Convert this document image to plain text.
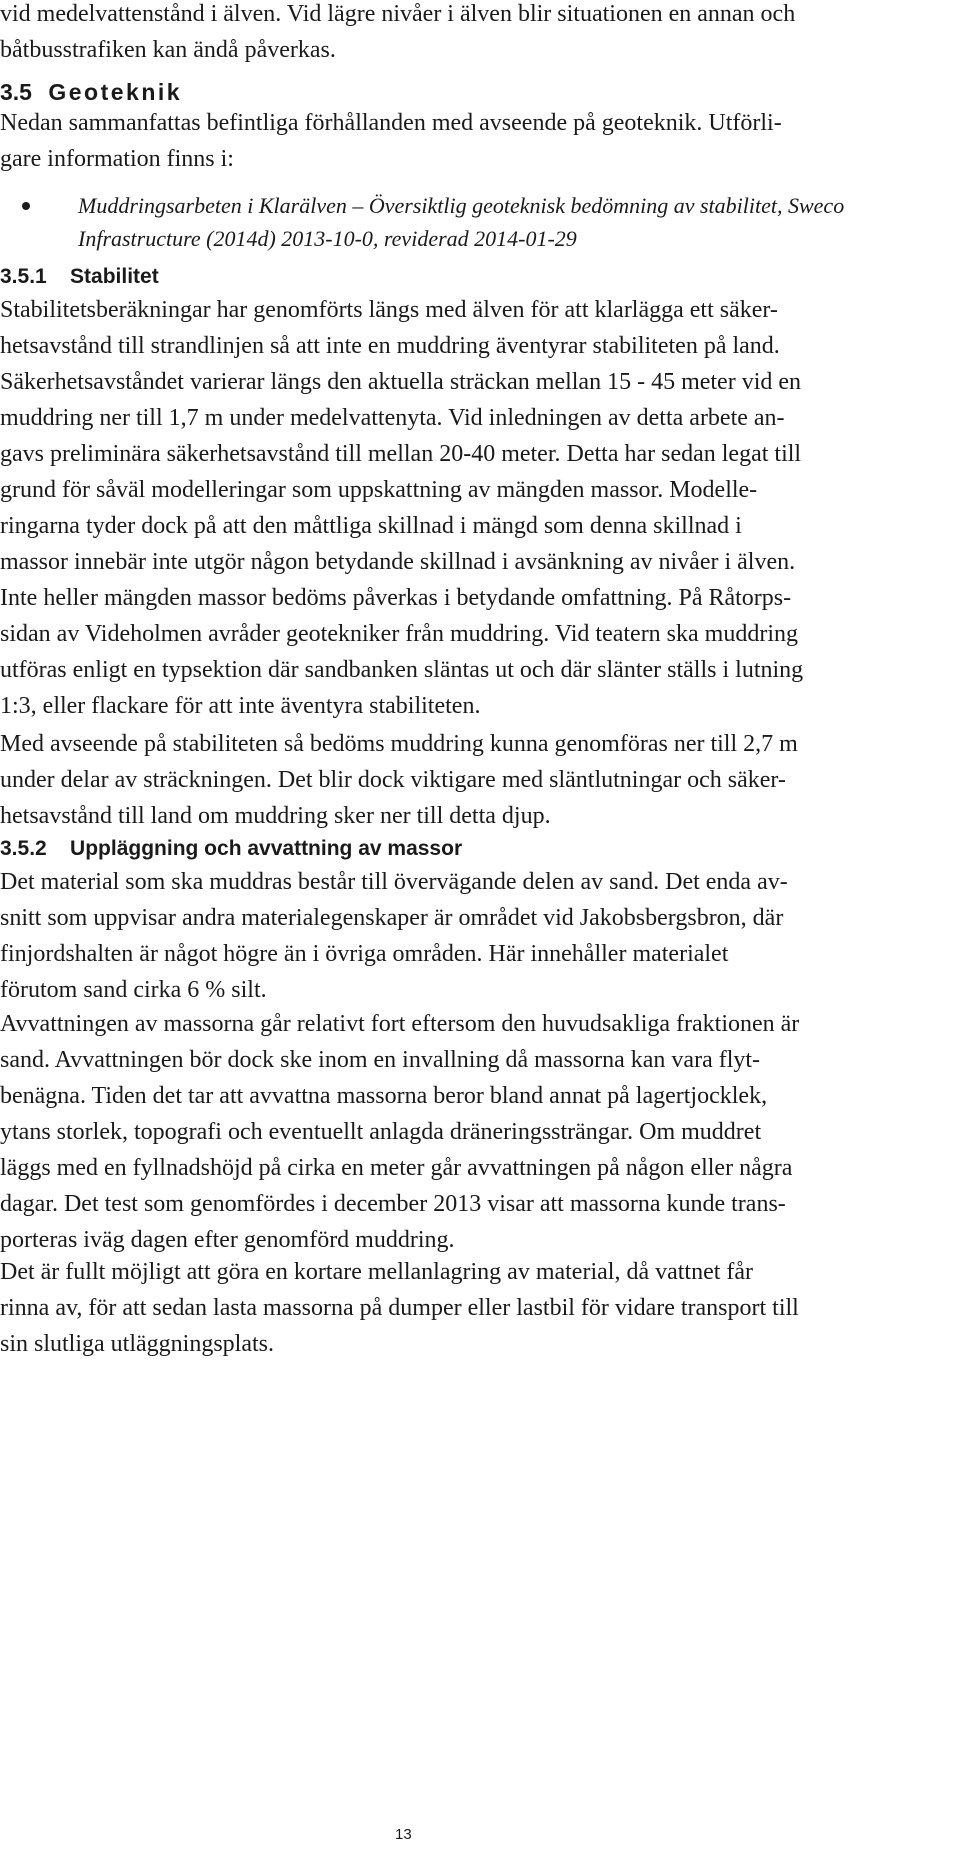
vid medelvattenstånd i älven. Vid lägre nivåer i älven blir situationen en annan och
båtbusstrafiken kan ändå påverkas.
3.5 Geoteknik
Nedan sammanfattas befintliga förhållanden med avseende på geoteknik. Utförli-
gare information finns i:
Muddringsarbeten i Klarälven – Översiktlig geoteknisk bedömning av stabilitet, Sweco
Infrastructure (2014d) 2013-10-0, reviderad 2014-01-29
3.5.1    Stabilitet
Stabilitetsberäkningar har genomförts längs med älven för att klarlägga ett säker-
hetsavstånd till strandlinjen så att inte en muddring äventyrar stabiliteten på land.
Säkerhetsavståndet varierar längs den aktuella sträckan mellan 15 - 45 meter vid en
muddring ner till 1,7 m under medelvattenyta. Vid inledningen av detta arbete an-
gavs preliminära säkerhetsavstånd till mellan 20-40 meter. Detta har sedan legat till
grund för såväl modelleringar som uppskattning av mängden massor. Modelle-
ringarna tyder dock på att den måttliga skillnad i mängd som denna skillnad i
massor innebär inte utgör någon betydande skillnad i avsänkning av nivåer i älven.
Inte heller mängden massor bedöms påverkas i betydande omfattning. På Råtorps-
sidan av Videholmen avråder geotekniker från muddring. Vid teatern ska muddring
utföras enligt en typsektion där sandbanken släntas ut och där slänter ställs i lutning
1:3, eller flackare för att inte äventyra stabiliteten.
Med avseende på stabiliteten så bedöms muddring kunna genomföras ner till 2,7 m
under delar av sträckningen. Det blir dock viktigare med släntlutningar och säker-
hetsavstånd till land om muddring sker ner till detta djup.
3.5.2    Uppläggning och avvattning av massor
Det material som ska muddras består till övervägande delen av sand. Det enda av-
snitt som uppvisar andra materialegenskaper är området vid Jakobsbergsbron, där
finjordshalten är något högre än i övriga områden. Här innehåller materialet
förutom sand cirka 6 % silt.
Avvattningen av massorna går relativt fort eftersom den huvudsakliga fraktionen är
sand. Avvattningen bör dock ske inom en invallning då massorna kan vara flyt-
benägna. Tiden det tar att avvattna massorna beror bland annat på lagertjocklek,
ytans storlek, topografi och eventuellt anlagda dräneringssträngar. Om muddret
läggs med en fyllnadshöjd på cirka en meter går avvattningen på någon eller några
dagar. Det test som genomfördes i december 2013 visar att massorna kunde trans-
porteras iväg dagen efter genomförd muddring.
Det är fullt möjligt att göra en kortare mellanlagring av material, då vattnet får
rinna av, för att sedan lasta massorna på dumper eller lastbil för vidare transport till
sin slutliga utläggningsplats.
13
